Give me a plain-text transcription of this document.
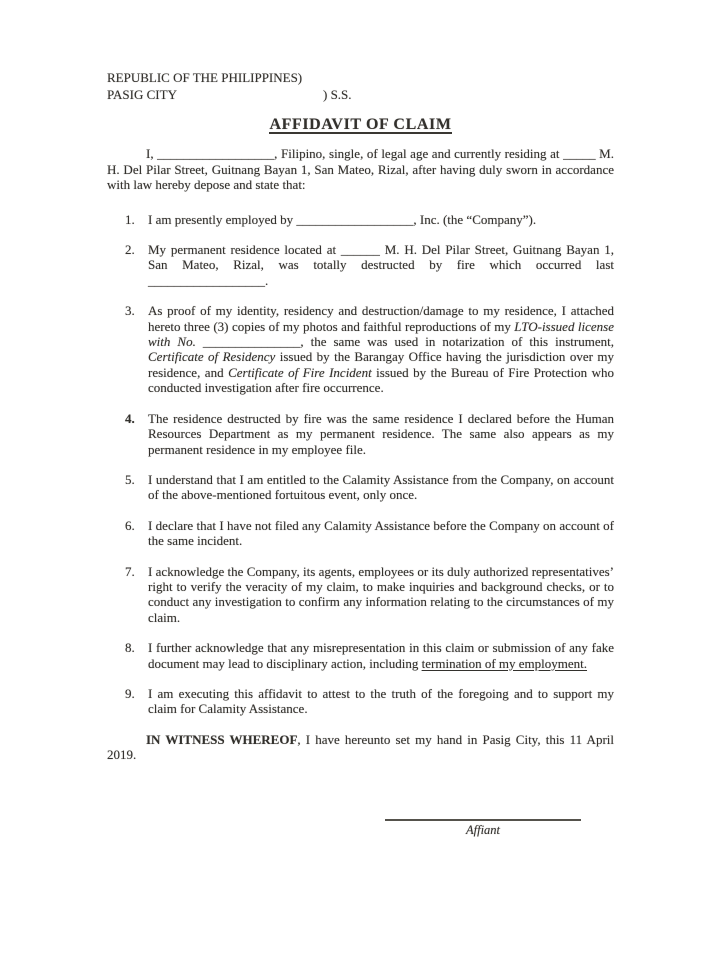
REPUBLIC OF THE PHILIPPINES)
PASIG CITY	) S.S.
AFFIDAVIT OF CLAIM

I, __________________, Filipino, single, of legal age and currently residing at _____ M. H. Del Pilar Street, Guitnang Bayan 1, San Mateo, Rizal, after having duly sworn in accordance with law hereby depose and state that:

1.	I am presently employed by __________________, Inc. (the “Company”).
2.	My permanent residence located at ______ M. H. Del Pilar Street, Guitnang Bayan 1, San Mateo, Rizal, was totally destructed by fire which occurred last __________________.
3.	As proof of my identity, residency and destruction/damage to my residence, I attached hereto three (3) copies of my photos and faithful reproductions of my LTO-issued license with No. _______________, the same was used in notarization of this instrument, Certificate of Residency issued by the Barangay Office having the jurisdiction over my residence, and Certificate of Fire Incident issued by the Bureau of Fire Protection who conducted investigation after fire occurrence.
4.	The residence destructed by fire was the same residence I declared before the Human Resources Department as my permanent residence. The same also appears as my permanent residence in my employee file.
5.	I understand that I am entitled to the Calamity Assistance from the Company, on account of the above-mentioned fortuitous event, only once.
6.	I declare that I have not filed any Calamity Assistance before the Company on account of the same incident.
7.	I acknowledge the Company, its agents, employees or its duly authorized representatives’ right to verify the veracity of my claim, to make inquiries and background checks, or to conduct any investigation to confirm any information relating to the circumstances of my claim.
8.	I further acknowledge that any misrepresentation in this claim or submission of any fake document may lead to disciplinary action, including termination of my employment.
9.	I am executing this affidavit to attest to the truth of the foregoing and to support my claim for Calamity Assistance.

IN WITNESS WHEREOF, I have hereunto set my hand in Pasig City, this 11 April 2019.

Affiant
